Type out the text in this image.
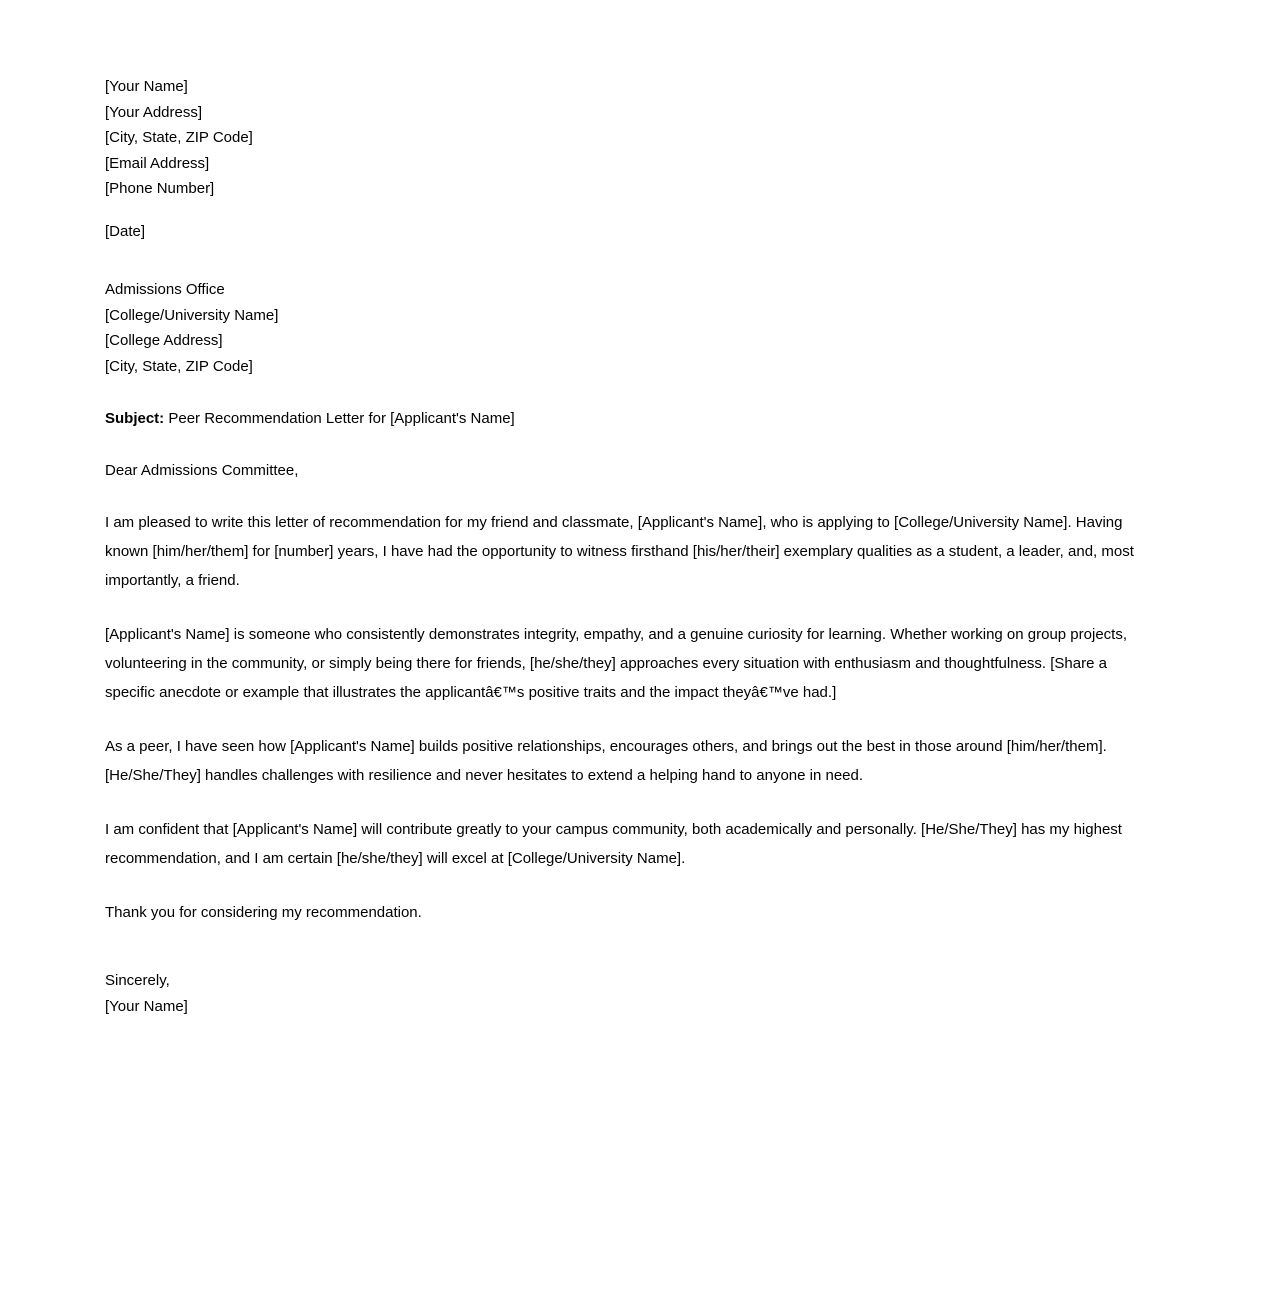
[Your Name]
[Your Address]
[City, State, ZIP Code]
[Email Address]
[Phone Number]
[Date]
Admissions Office
[College/University Name]
[College Address]
[City, State, ZIP Code]
Subject: Peer Recommendation Letter for [Applicant's Name]
Dear Admissions Committee,

I am pleased to write this letter of recommendation for my friend and classmate, [Applicant's Name], who is applying to [College/University Name]. Having known [him/her/them] for [number] years, I have had the opportunity to witness firsthand [his/her/their] exemplary qualities as a student, a leader, and, most importantly, a friend.

[Applicant's Name] is someone who consistently demonstrates integrity, empathy, and a genuine curiosity for learning. Whether working on group projects, volunteering in the community, or simply being there for friends, [he/she/they] approaches every situation with enthusiasm and thoughtfulness. [Share a specific anecdote or example that illustrates the applicantâ€™s positive traits and the impact theyâ€™ve had.]

As a peer, I have seen how [Applicant's Name] builds positive relationships, encourages others, and brings out the best in those around [him/her/them]. [He/She/They] handles challenges with resilience and never hesitates to extend a helping hand to anyone in need.

I am confident that [Applicant's Name] will contribute greatly to your campus community, both academically and personally. [He/She/They] has my highest recommendation, and I am certain [he/she/they] will excel at [College/University Name].

Thank you for considering my recommendation.

Sincerely,
[Your Name]
